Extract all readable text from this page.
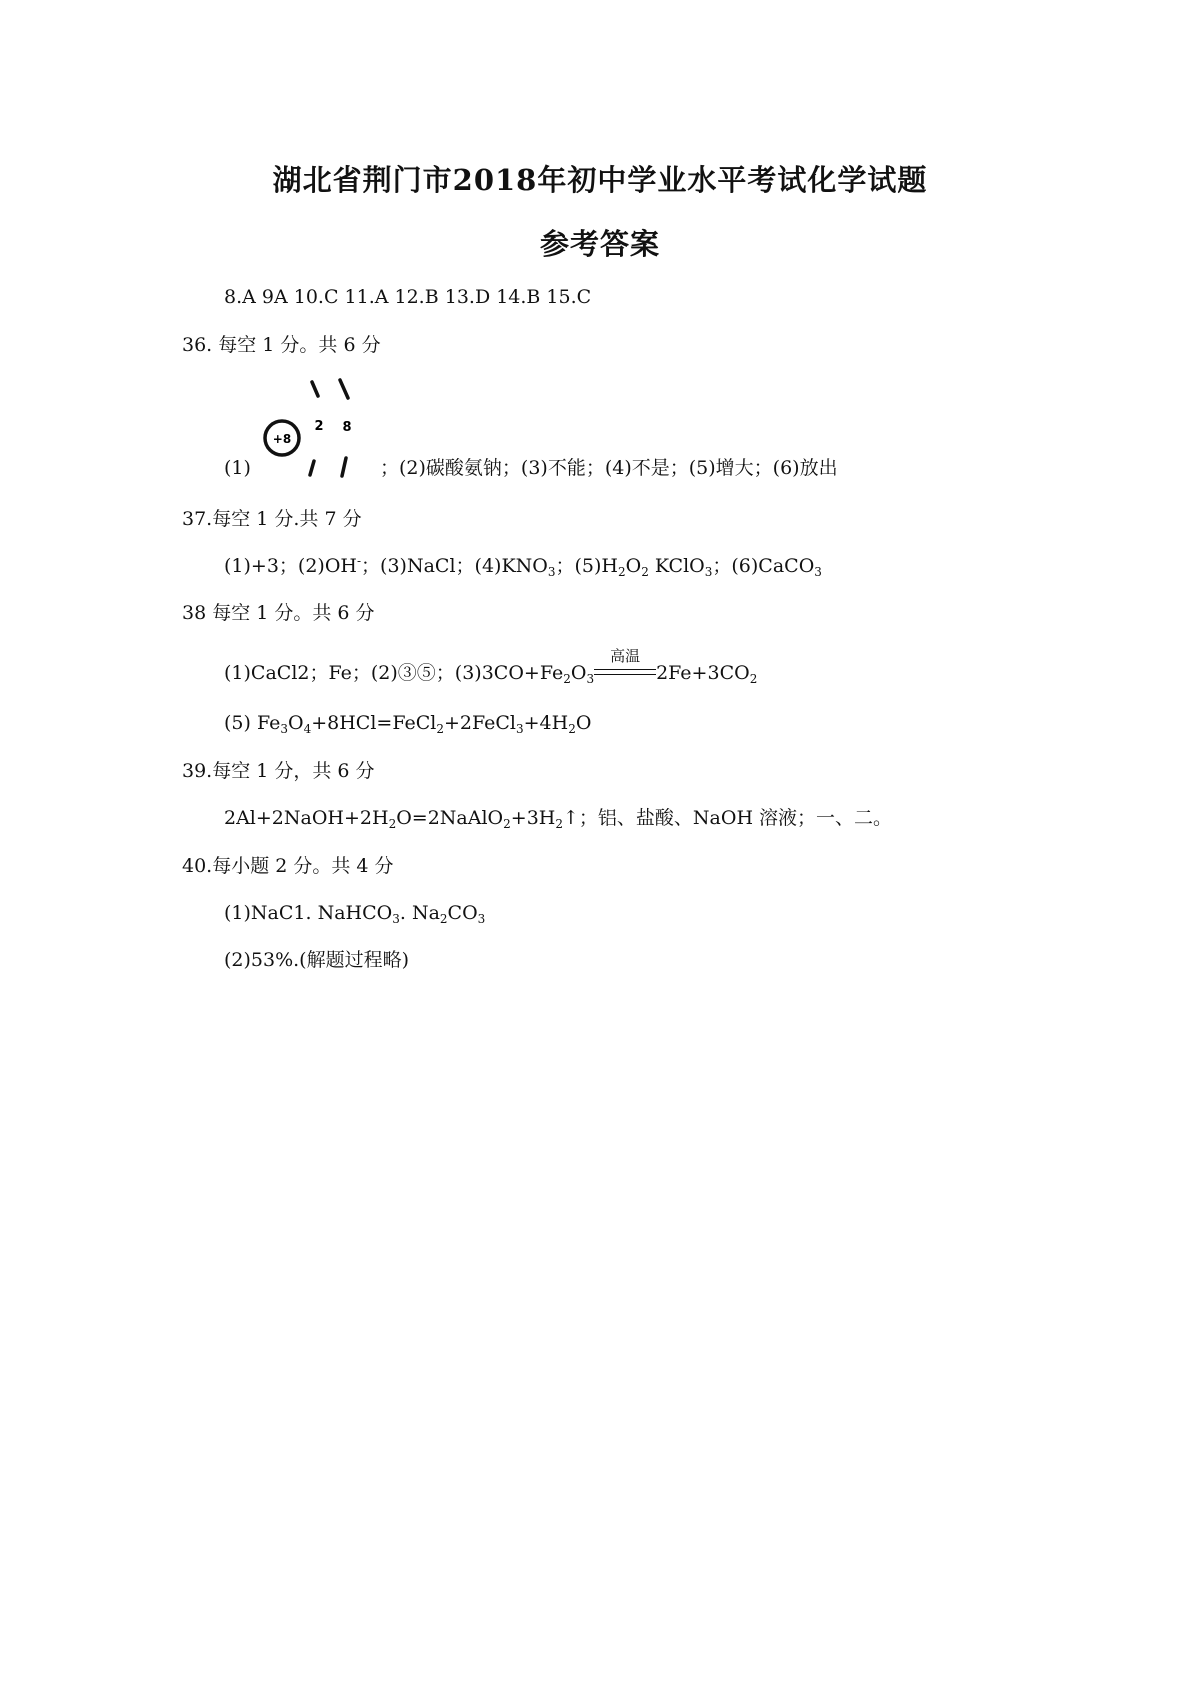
湖北省荆门市2018年初中学业水平考试化学试题
参考答案
8.A 9A 10.C 11.A 12.B 13.D 14.B 15.C
36. 每空 1 分。共 6 分
+8
2 8
(1)	；(2)碳酸氨钠；(3)不能；(4)不是；(5)增大；(6)放出
37.每空 1 分.共 7 分
(1)+3；(2)OH-；(3)NaCl；$(4)KNO_3$；$(5)H_2O_2$ KClO$_3$；(6)CaCO$_3$
38 每空 1 分。共 6 分
(1)CaCl2；Fe；(2)③⑤；$(3)3CO+Fe_2O_3$
高温
$2Fe+3CO_2$
(5) $Fe_3O_4+8HCl=FeCl_2+2FeCl_3+4H_2O$
39.每空 1 分，共 6 分
$2Al+2NaOH+2H_2O=2NaAlO_2+3H_2↑$；铝、盐酸、NaOH 溶液；一、二。
40.每小题 2 分。共 4 分
(1)NaC1. NaHCO$_3$. $Na_2CO_3$
(2)53%.(解题过程略)
